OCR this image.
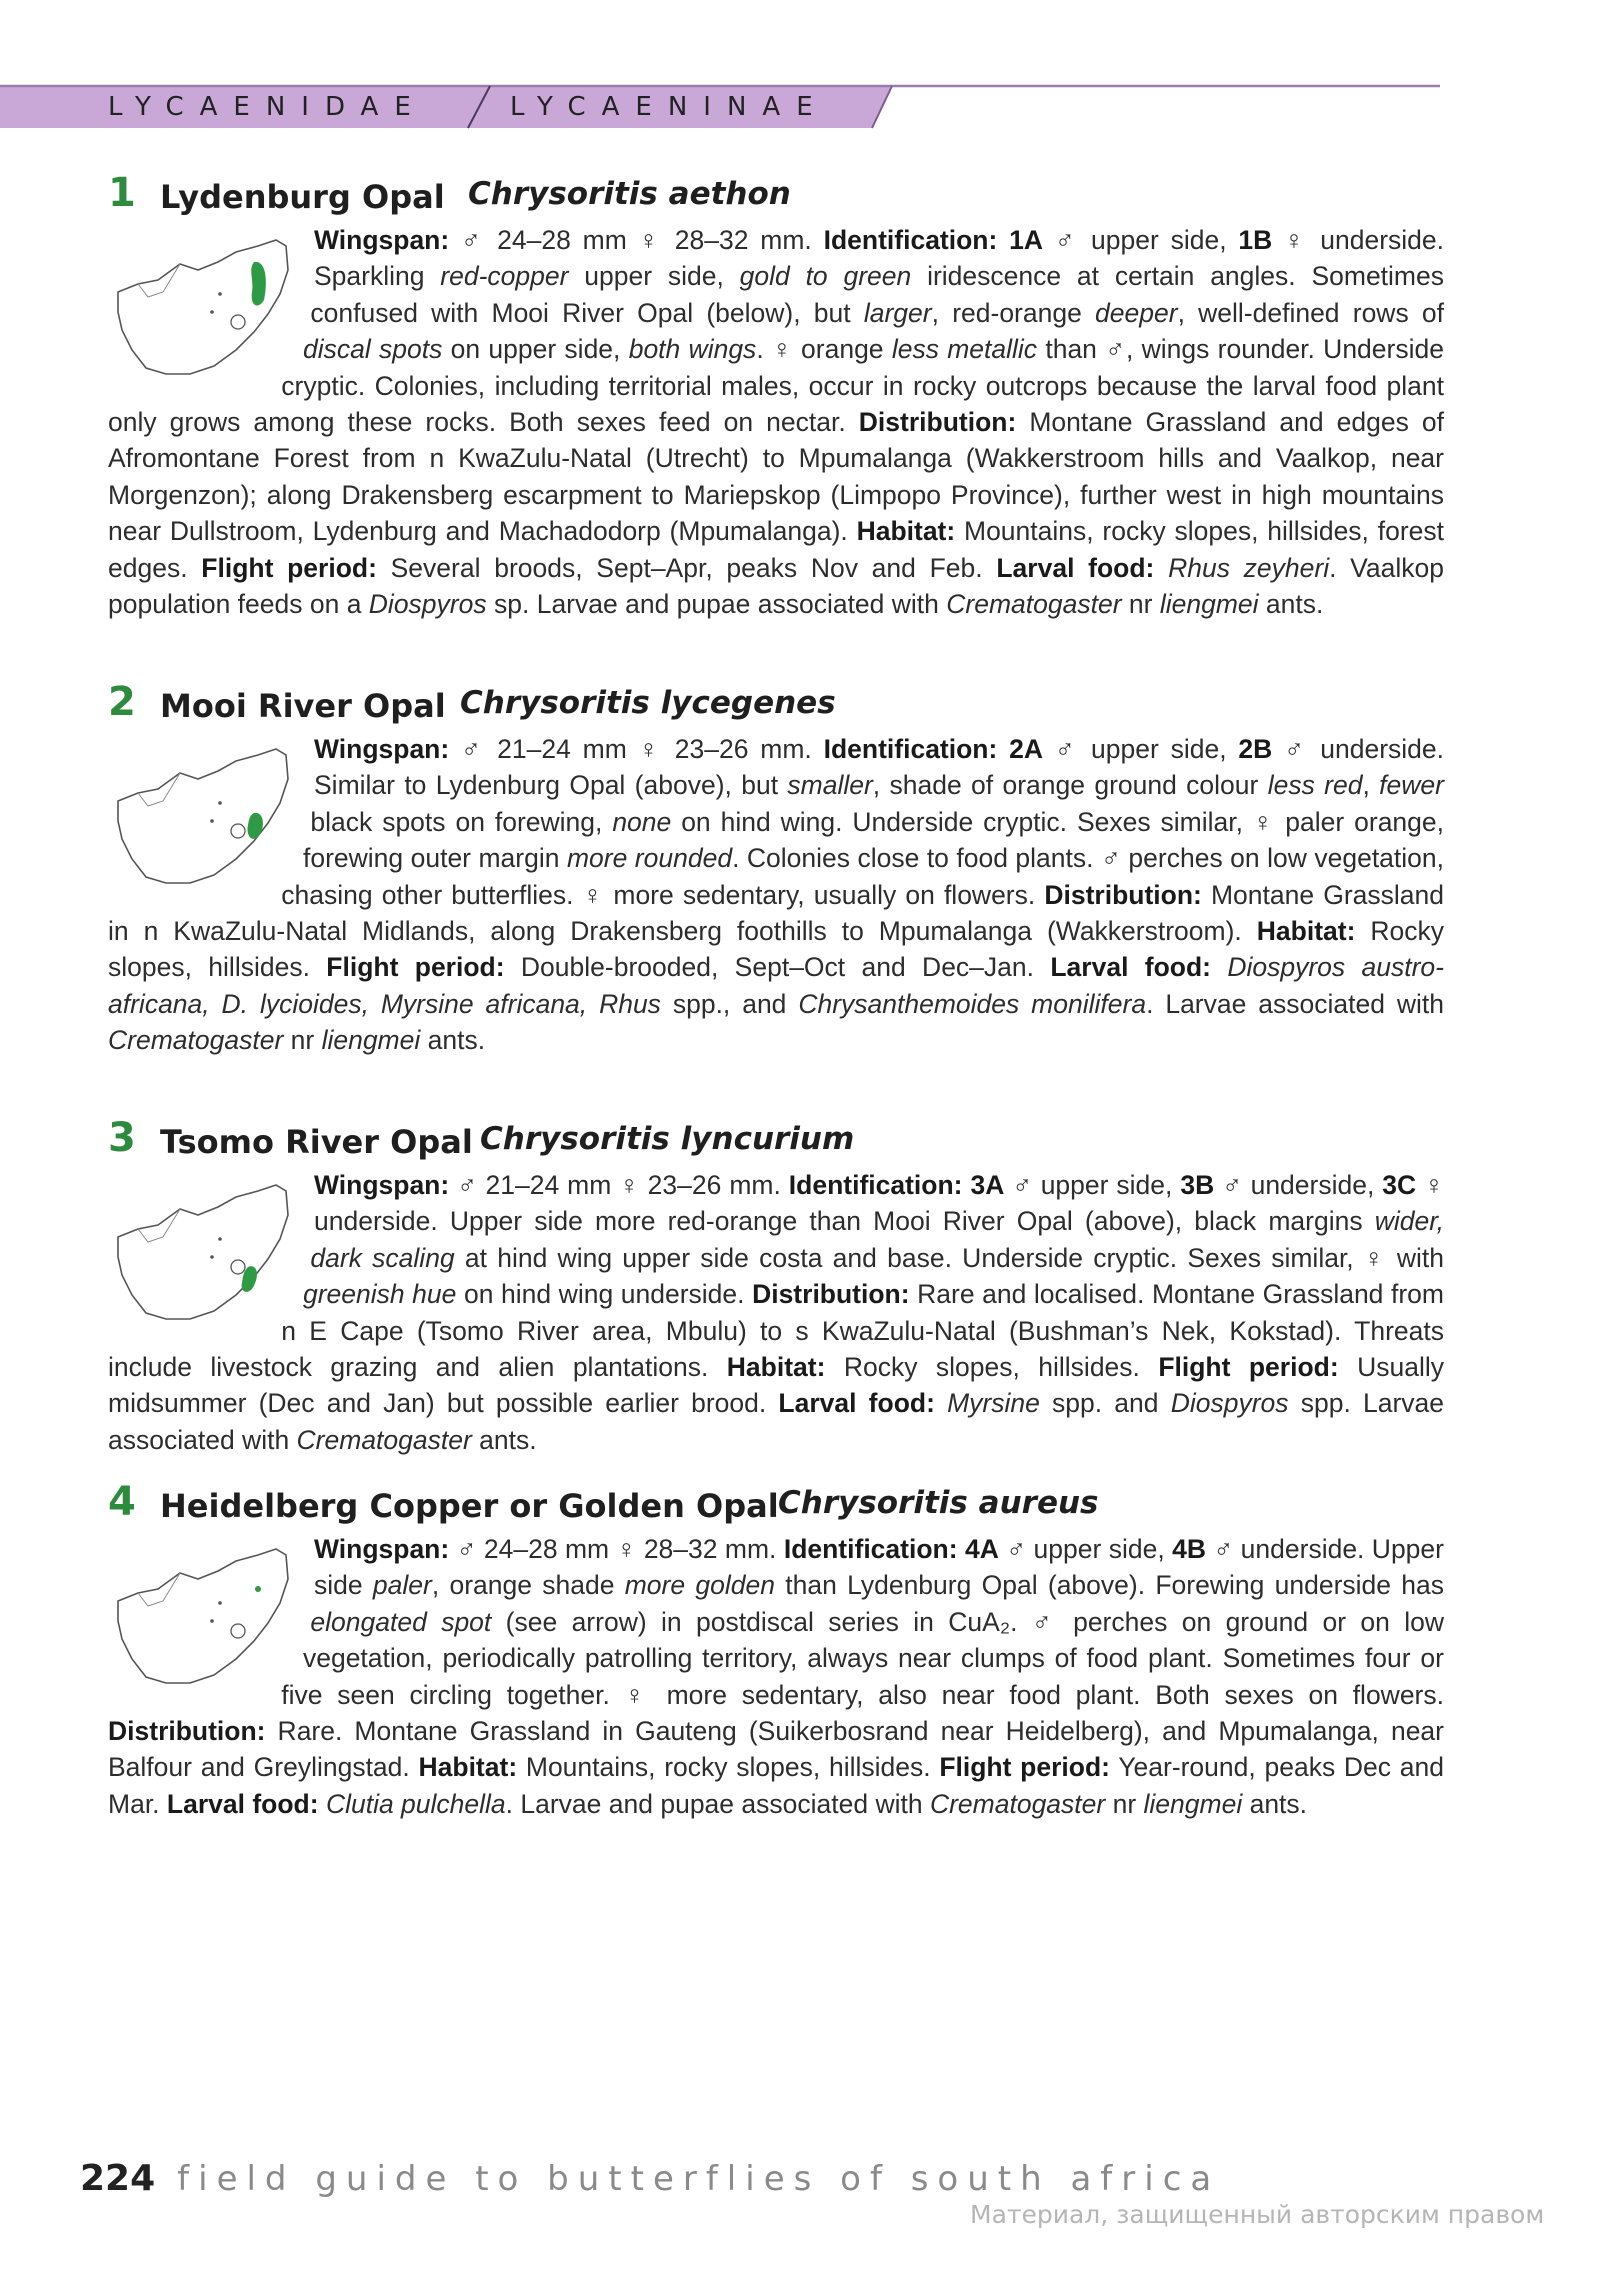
LYCAENIDAE	LYCAENINAE
1 Lydenburg Opal Chrysoritis aethon
Wingspan: ♂ 24–28 mm ♀ 28–32 mm. Identification: 1A ♂ upper side, 1B ♀ underside. Sparkling red-copper upper side, gold to green iridescence at certain angles. Sometimes confused with Mooi River Opal (below), but larger, red-orange deeper, well-defined rows of discal spots on upper side, both wings. ♀ orange less metallic than ♂, wings rounder. Underside cryptic. Colonies, including territorial males, occur in rocky outcrops because the larval food plant only grows among these rocks. Both sexes feed on nectar. Distribution: Montane Grassland and edges of Afromontane Forest from n KwaZulu-Natal (Utrecht) to Mpumalanga (Wakkerstroom hills and Vaalkop, near Morgenzon); along Drakensberg escarpment to Mariepskop (Limpopo Province), further west in high mountains near Dullstroom, Lydenburg and Machadodorp (Mpumalanga). Habitat: Mountains, rocky slopes, hillsides, forest edges. Flight period: Several broods, Sept–Apr, peaks Nov and Feb. Larval food: Rhus zeyheri. Vaalkop population feeds on a Diospyros sp. Larvae and pupae associated with Crematogaster nr liengmei ants.
2 Mooi River Opal Chrysoritis lycegenes
Wingspan: ♂ 21–24 mm ♀ 23–26 mm. Identification: 2A ♂ upper side, 2B ♂ underside. Similar to Lydenburg Opal (above), but smaller, shade of orange ground colour less red, fewer black spots on forewing, none on hind wing. Underside cryptic. Sexes similar, ♀ paler orange, forewing outer margin more rounded. Colonies close to food plants. ♂ perches on low vegetation, chasing other butterflies. ♀ more sedentary, usually on flowers. Distribution: Montane Grassland in n KwaZulu-Natal Midlands, along Drakensberg foothills to Mpumalanga (Wakkerstroom). Habitat: Rocky slopes, hillsides. Flight period: Double-brooded, Sept–Oct and Dec–Jan. Larval food: Diospyros austro-africana, D. lycioides, Myrsine africana, Rhus spp., and Chrysanthemoides monilifera. Larvae associated with Crematogaster nr liengmei ants.
3 Tsomo River Opal Chrysoritis lyncurium
Wingspan: ♂ 21–24 mm ♀ 23–26 mm. Identification: 3A ♂ upper side, 3B ♂ underside, 3C ♀ underside. Upper side more red-orange than Mooi River Opal (above), black margins wider, dark scaling at hind wing upper side costa and base. Underside cryptic. Sexes similar, ♀ with greenish hue on hind wing underside. Distribution: Rare and localised. Montane Grassland from n E Cape (Tsomo River area, Mbulu) to s KwaZulu-Natal (Bushman’s Nek, Kokstad). Threats include livestock grazing and alien plantations. Habitat: Rocky slopes, hillsides. Flight period: Usually midsummer (Dec and Jan) but possible earlier brood. Larval food: Myrsine spp. and Diospyros spp. Larvae associated with Crematogaster ants.
4 Heidelberg Copper or Golden Opal Chrysoritis aureus
Wingspan: ♂ 24–28 mm ♀ 28–32 mm. Identification: 4A ♂ upper side, 4B ♂ underside. Upper side paler, orange shade more golden than Lydenburg Opal (above). Forewing underside has elongated spot (see arrow) in postdiscal series in CuA₂. ♂ perches on ground or on low vegetation, periodically patrolling territory, always near clumps of food plant. Sometimes four or five seen circling together. ♀ more sedentary, also near food plant. Both sexes on flowers. Distribution: Rare. Montane Grassland in Gauteng (Suikerbosrand near Heidelberg), and Mpumalanga, near Balfour and Greylingstad. Habitat: Mountains, rocky slopes, hillsides. Flight period: Year-round, peaks Dec and Mar. Larval food: Clutia pulchella. Larvae and pupae associated with Crematogaster nr liengmei ants.
224 field guide to butterflies of south africa
Материал, защищенный авторским правом
